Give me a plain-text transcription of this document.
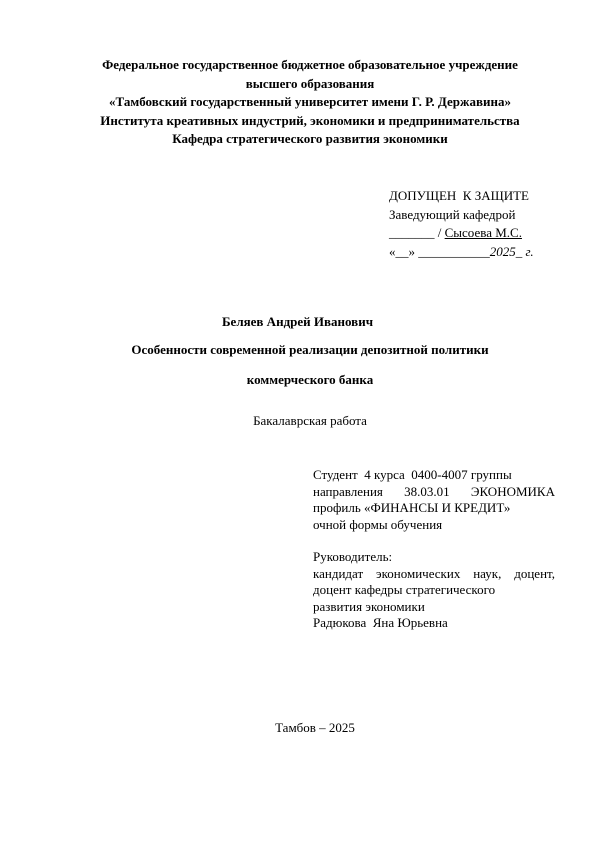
Федеральное государственное бюджетное образовательное учреждение
высшего образования
«Тамбовский государственный университет имени Г. Р. Державина»
Института креативных индустрий, экономики и предпринимательства
Кафедра стратегического развития экономики
ДОПУЩЕН  К ЗАЩИТЕ
Заведующий кафедрой
_______ / Сысоева М.С.
«__» ___________2025_ г.
Беляев Андрей Иванович
Особенности современной реализации депозитной политики
коммерческого банка
Бакалаврская работа
Студент  4 курса  0400-4007 группы
направления 38.03.01 ЭКОНОМИКА
профиль «ФИНАНСЫ И КРЕДИТ»
очной формы обучения
Руководитель:
кандидат экономических наук, доцент,
доцент кафедры стратегического
развития экономики
Радюкова  Яна Юрьевна
Тамбов – 2025
